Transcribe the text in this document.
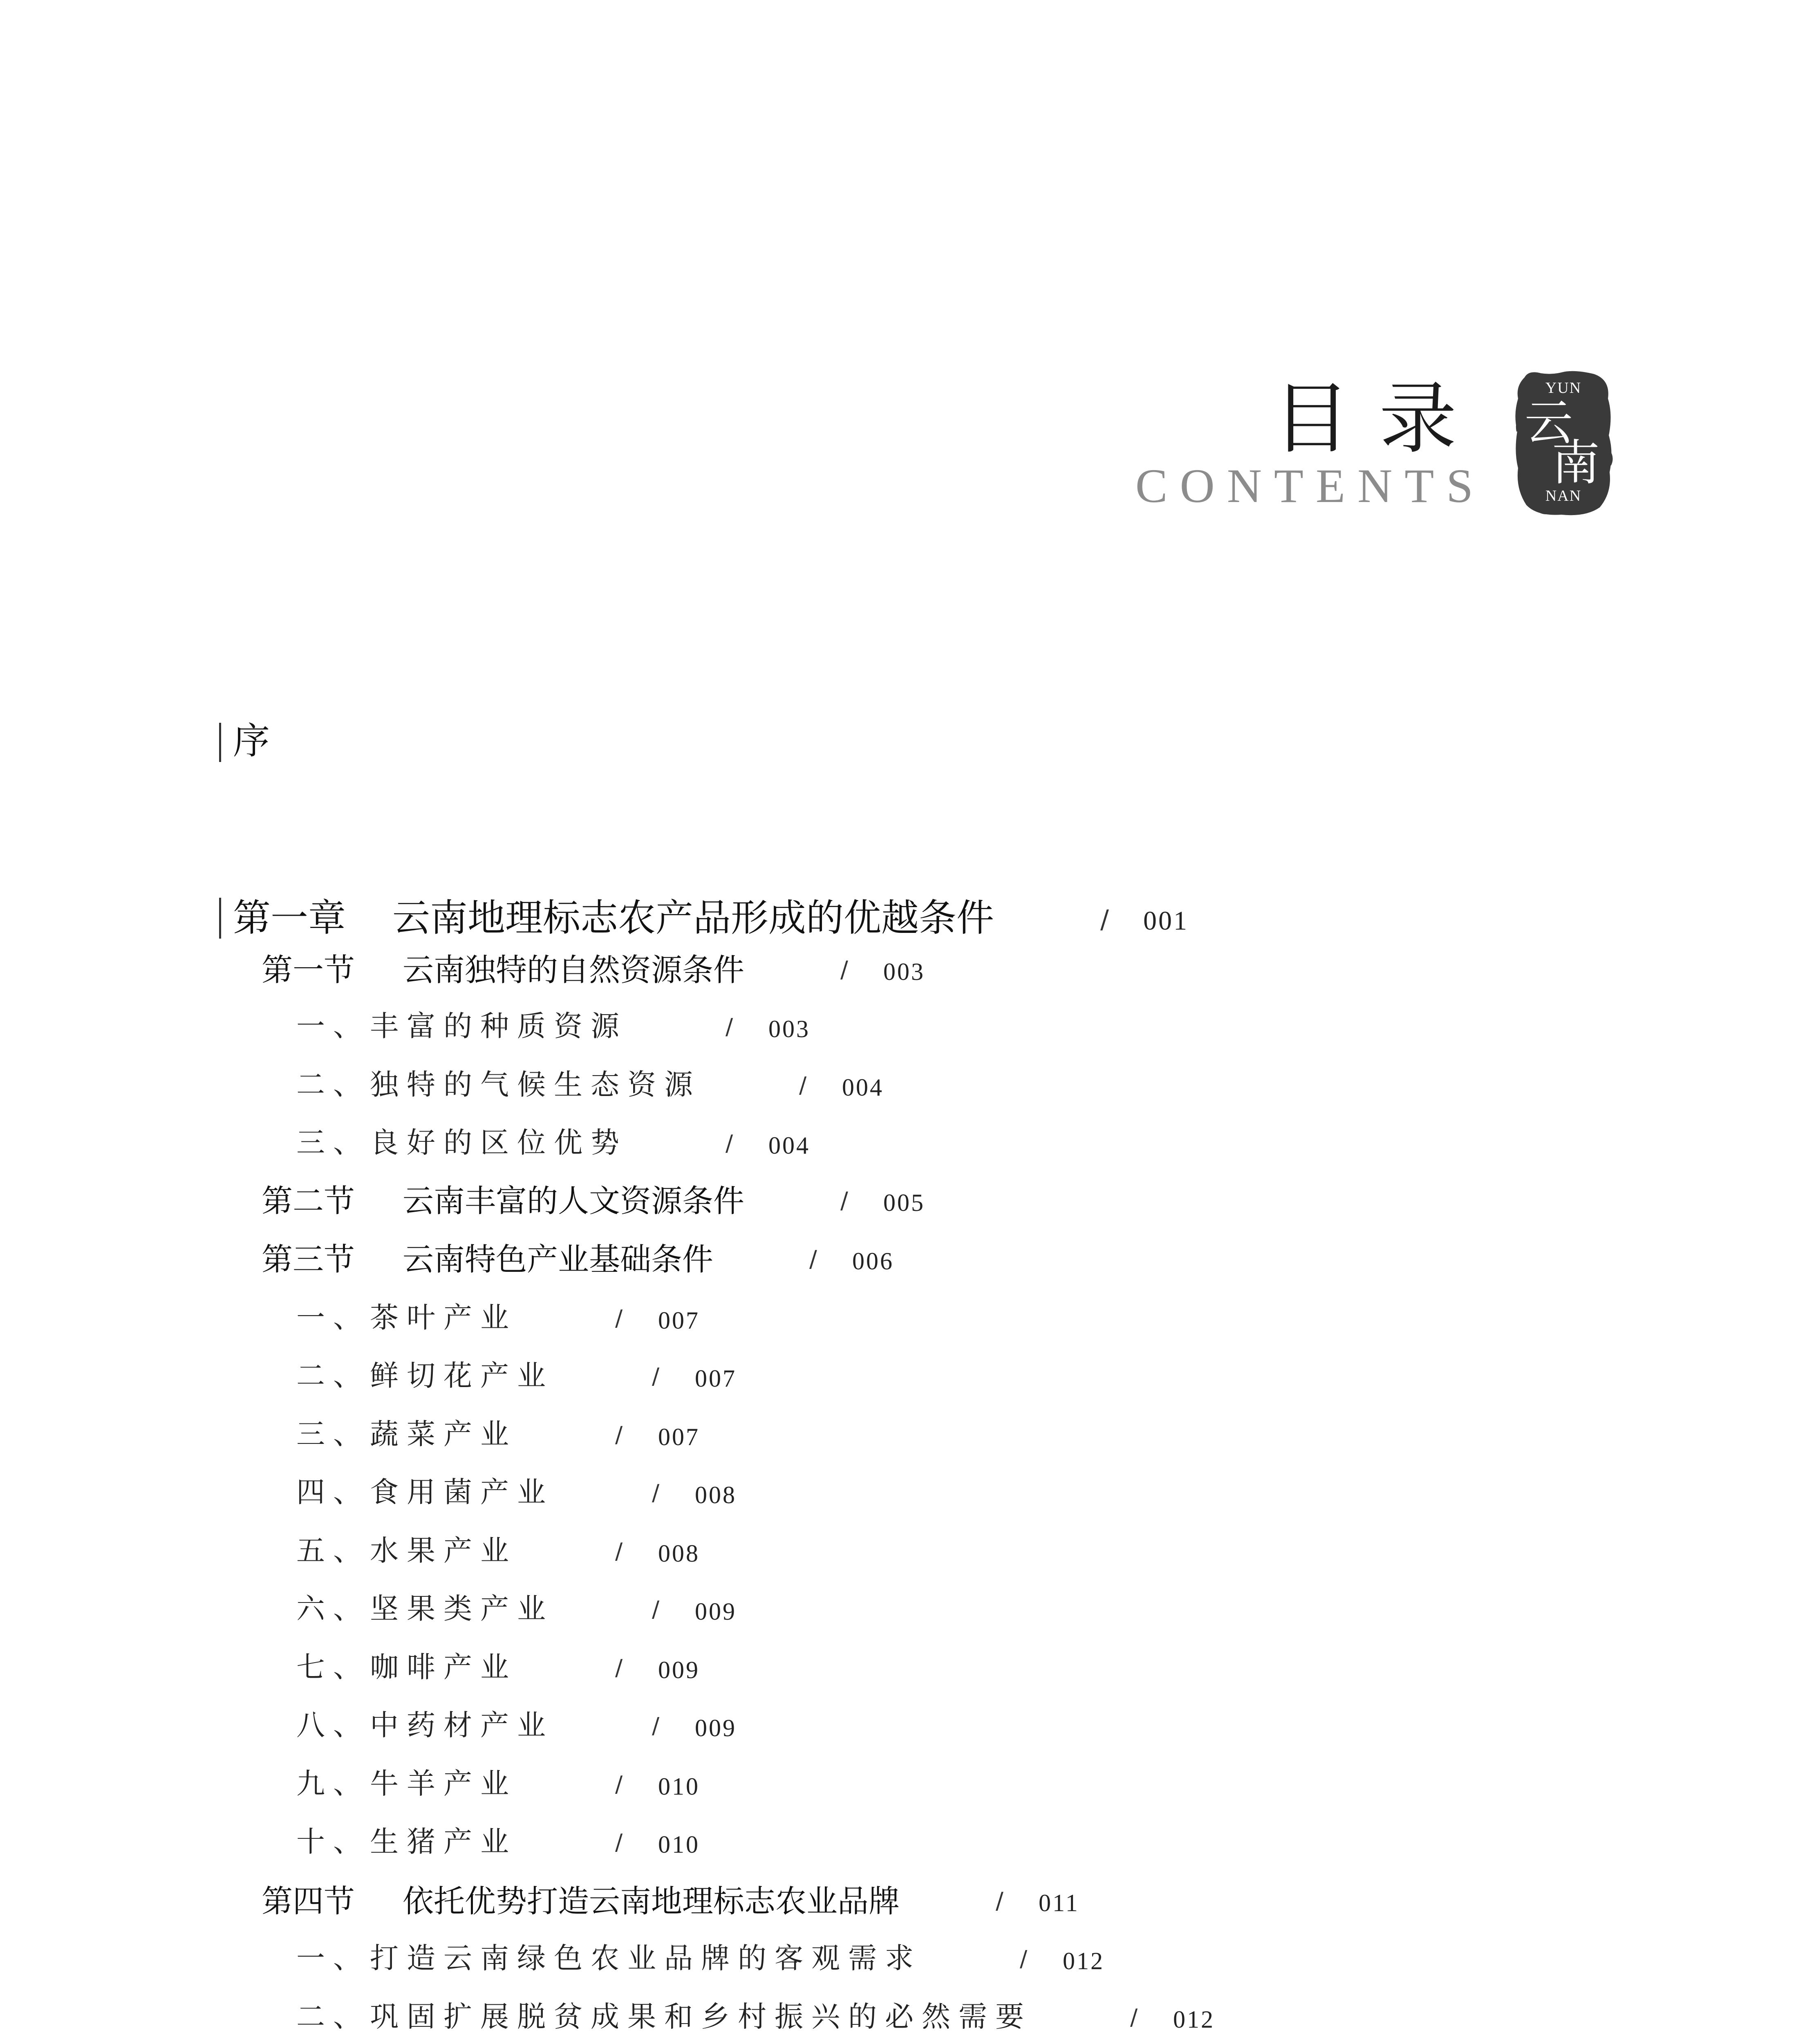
目录
CONTENTS
YUN
云
南
NAN
序
第一章 云南地理标志农产品形成的优越条件	/ 001
第一节 云南独特的自然资源条件	/ 003
一、丰富的种质资源	/ 003
二、独特的气候生态资源	/ 004
三、良好的区位优势	/ 004
第二节 云南丰富的人文资源条件	/ 005
第三节 云南特色产业基础条件	/ 006
一、茶叶产业	/ 007
二、鲜切花产业	/ 007
三、蔬菜产业	/ 007
四、食用菌产业	/ 008
五、水果产业	/ 008
六、坚果类产业	/ 009
七、咖啡产业	/ 009
八、中药材产业	/ 009
九、牛羊产业	/ 010
十、生猪产业	/ 010
第四节 依托优势打造云南地理标志农业品牌	/ 011
一、打造云南绿色农业品牌的客观需求	/ 012
二、巩固扩展脱贫成果和乡村振兴的必然需要	/ 012
